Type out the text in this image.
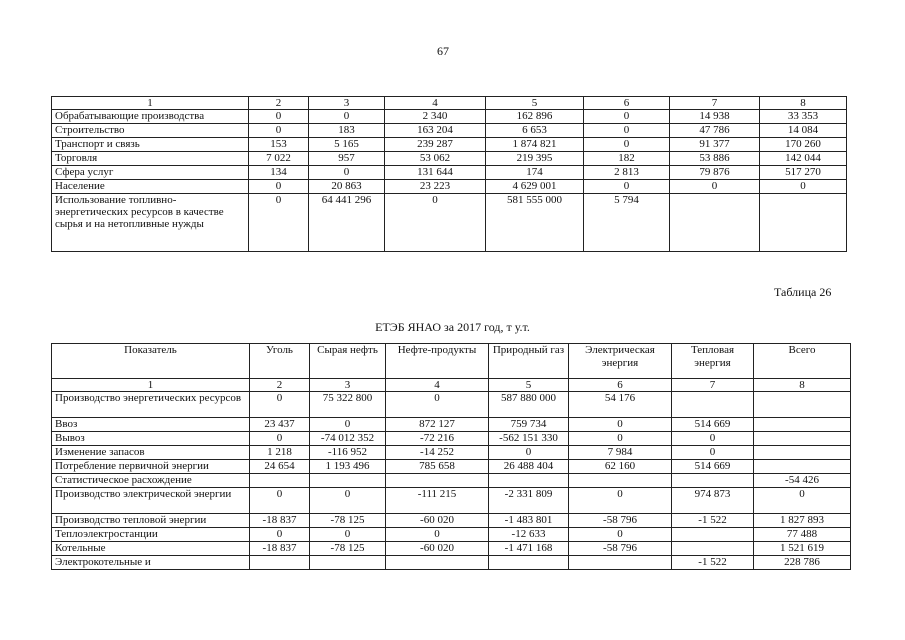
67
1	2	3	4	5	6	7	8
Обрабатывающие производства	0	0	2 340	162 896	0	14 938	33 353
Строительство	0	183	163 204	6 653	0	47 786	14 084
Транспорт и связь	153	5 165	239 287	1 874 821	0	91 377	170 260
Торговля	7 022	957	53 062	219 395	182	53 886	142 044
Сфера услуг	134	0	131 644	174	2 813	79 876	517 270
Население	0	20 863	23 223	4 629 001	0	0	0
Использование топливно-энергетических ресурсов в качестве сырья и на нетопливные нужды	0	64 441 296	0	581 555 000	5 794		
Таблица 26
ЕТЭБ ЯНАО за 2017 год, т у.т.
Показатель	Уголь	Сырая нефть	Нефте-продукты	Природный газ	Электрическая энергия	Тепловая энергия	Всего
1	2	3	4	5	6	7	8
Производство энергетических ресурсов	0	75 322 800	0	587 880 000	54 176		
Ввоз	23 437	0	872 127	759 734	0	514 669	
Вывоз	0	-74 012 352	-72 216	-562 151 330	0	0	
Изменение запасов	1 218	-116 952	-14 252	0	7 984	0	
Потребление первичной энергии	24 654	1 193 496	785 658	26 488 404	62 160	514 669	
Статистическое расхождение							-54 426
Производство электрической энергии	0	0	-111 215	-2 331 809	0	974 873	0
Производство тепловой энергии	-18 837	-78 125	-60 020	-1 483 801	-58 796	-1 522	1 827 893
Теплоэлектростанции	0	0	0	-12 633	0		77 488
Котельные	-18 837	-78 125	-60 020	-1 471 168	-58 796		1 521 619
Электрокотельные и						-1 522	228 786
